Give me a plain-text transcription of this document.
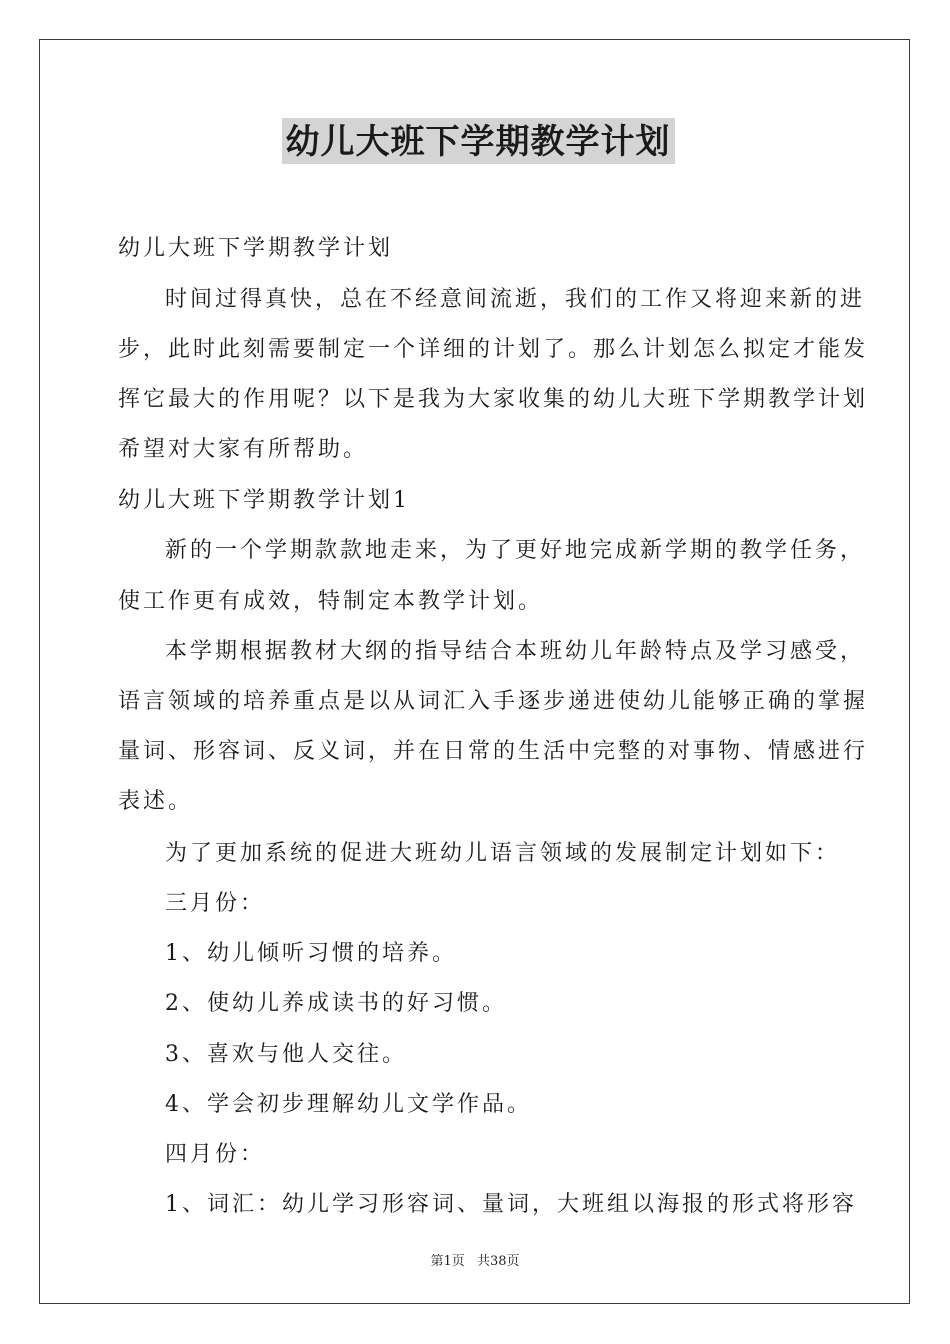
幼儿大班下学期教学计划
幼儿大班下学期教学计划
时间过得真快，总在不经意间流逝，我们的工作又将迎来新的进
步，此时此刻需要制定一个详细的计划了。那么计划怎么拟定才能发
挥它最大的作用呢？以下是我为大家收集的幼儿大班下学期教学计划
希望对大家有所帮助。
幼儿大班下学期教学计划1
新的一个学期款款地走来，为了更好地完成新学期的教学任务，
使工作更有成效，特制定本教学计划。
本学期根据教材大纲的指导结合本班幼儿年龄特点及学习感受，
语言领域的培养重点是以从词汇入手逐步递进使幼儿能够正确的掌握
量词、形容词、反义词，并在日常的生活中完整的对事物、情感进行
表述。
为了更加系统的促进大班幼儿语言领域的发展制定计划如下：
三月份：
1、幼儿倾听习惯的培养。
2、使幼儿养成读书的好习惯。
3、喜欢与他人交往。
4、学会初步理解幼儿文学作品。
四月份：
1、词汇：幼儿学习形容词、量词，大班组以海报的形式将形容
第1页 共38页
